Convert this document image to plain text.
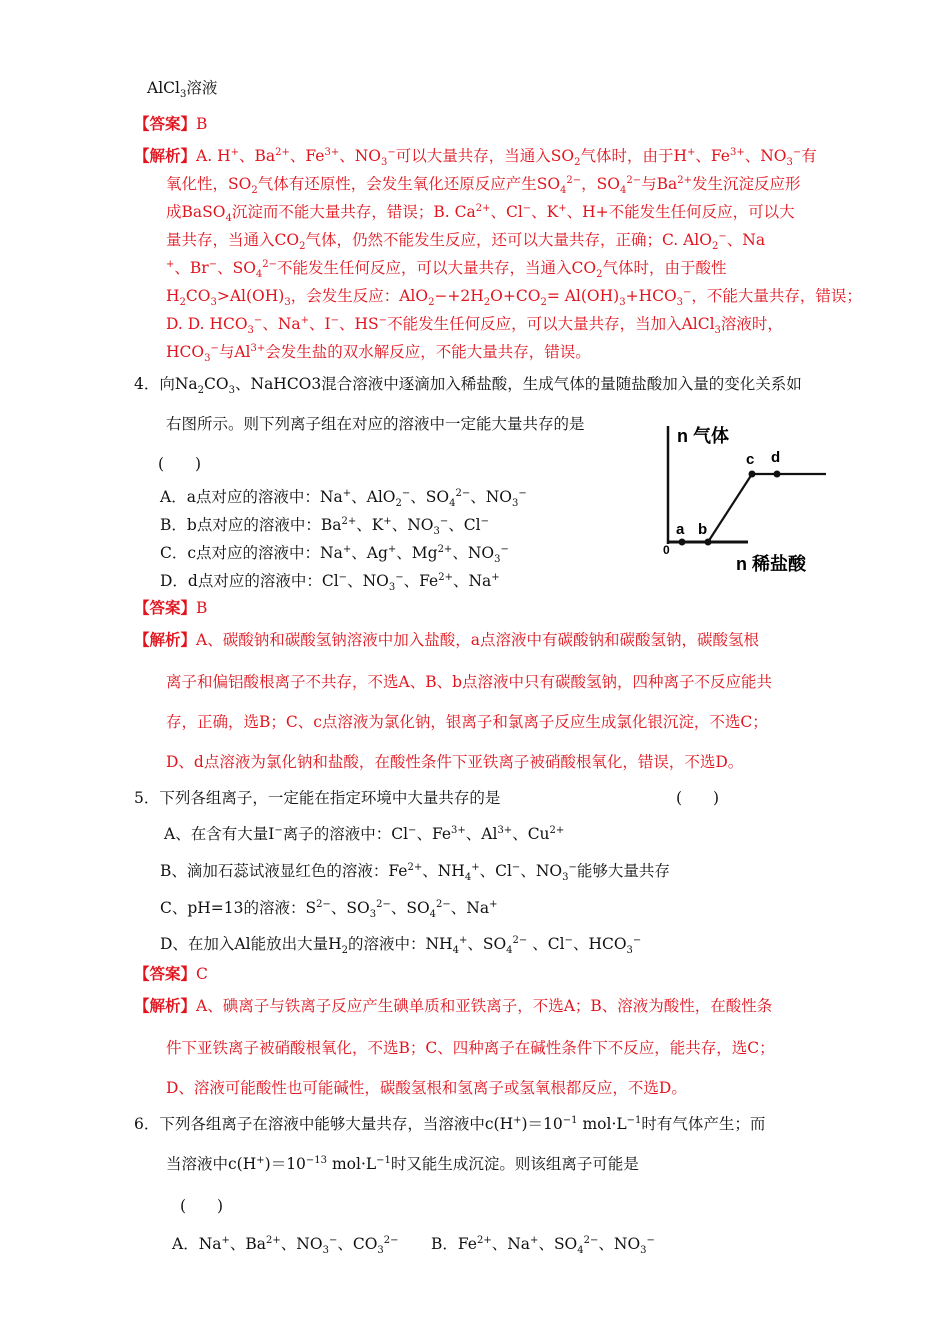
AlCl$_3$溶液
【答案】B
【解析】A. H+、$Ba^{2+}$、$Fe^{3+}$、$NO_3^-$可以大量共存，当通入$SO_2$气体时，由于H+、$Fe^{3+}$、$NO_3^-$有
氧化性，$SO_2$气体有还原性，会发生氧化还原反应产生$SO_4^{2-}$，$SO_4^{2-}$与$Ba^{2+}$发生沉淀反应形
成BaSO$_4$沉淀而不能大量共存，错误；B. $Ca^{2+}$、Cl−、K+、H+不能发生任何反应，可以大
量共存，当通入$CO_2$气体，仍然不能发生反应，还可以大量共存，正确；C. AlO$_2$−、Na
+、Br−、$SO_4^{2-}$不能发生任何反应，可以大量共存，当通入$CO_2$气体时，由于酸性
$H_2CO_3>Al(OH)_3$，会发生反应：$AlO_2-+2H_2O+CO_2= Al(OH)_3+HCO_3^-$，不能大量共存，错误；
D. D. $HCO_3^-$、Na+、I−、HS−不能发生任何反应，可以大量共存，当加入AlCl$_3$溶液时，
$HCO_3^-$与$Al^{3+}$会发生盐的双水解反应，不能大量共存，错误。
4．向$Na_2CO_3$、NaHCO3混合溶液中逐滴加入稀盐酸，生成气体的量随盐酸加入量的变化关系如
右图所示。则下列离子组在对应的溶液中一定能大量共存的是
(　　)
A．a点对应的溶液中：Na+、AlO$_2$−、$SO_4^{2-}$、$NO_3^-$
B．b点对应的溶液中：$Ba^{2+}$、K+、$NO_3^-$、Cl−
C．c点对应的溶液中：Na+、Ag+、$Mg^{2+}$、$NO_3^-$
D．d点对应的溶液中：Cl−、$NO_3^-$、$Fe^{2+}$、Na+
n 气体
a b
c d
0
n 稀盐酸
【答案】B
【解析】A、碳酸钠和碳酸氢钠溶液中加入盐酸，a点溶液中有碳酸钠和碳酸氢钠，碳酸氢根
离子和偏铝酸根离子不共存，不选A、B、b点溶液中只有碳酸氢钠，四种离子不反应能共
存，正确，选B；C、c点溶液为氯化钠，银离子和氯离子反应生成氯化银沉淀，不选C；
D、d点溶液为氯化钠和盐酸，在酸性条件下亚铁离子被硝酸根氧化，错误，不选D。
5．下列各组离子，一定能在指定环境中大量共存的是	(　　)
A、在含有大量I−离子的溶液中：Cl−、$Fe^{3+}$、$Al^{3+}$、$Cu^{2+}$
B、滴加石蕊试液显红色的溶液：$Fe^{2+}$、$NH_4^+$、Cl−、$NO_3^-$能够大量共存
C、pH=13的溶液：$S^{2-}$、$SO_3^{2-}$、$SO_4^{2-}$、Na+
D、在加入Al能放出大量$H_2$的溶液中：$NH_4^+$、$SO_4^{2-}$ 、Cl−、$HCO_3^-$
【答案】C
【解析】A、碘离子与铁离子反应产生碘单质和亚铁离子，不选A；B、溶液为酸性，在酸性条
件下亚铁离子被硝酸根氧化，不选B；C、四种离子在碱性条件下不反应，能共存，选C；
D、溶液可能酸性也可能碱性，碳酸氢根和氢离子或氢氧根都反应，不选D。
6．下列各组离子在溶液中能够大量共存，当溶液中$c(H^+)=10^{-1}$ $mol\cdot L^{-1}$时有气体产生；而
当溶液中$c(H^+)=10^{-13}$ $mol\cdot L^{-1}$时又能生成沉淀。则该组离子可能是
(　　)
A．Na+、$Ba^{2+}$、$NO_3^-$、$CO_3^{2-}$ B．$Fe^{2+}$、Na+、$SO_4^{2-}$、$NO_3^-$
